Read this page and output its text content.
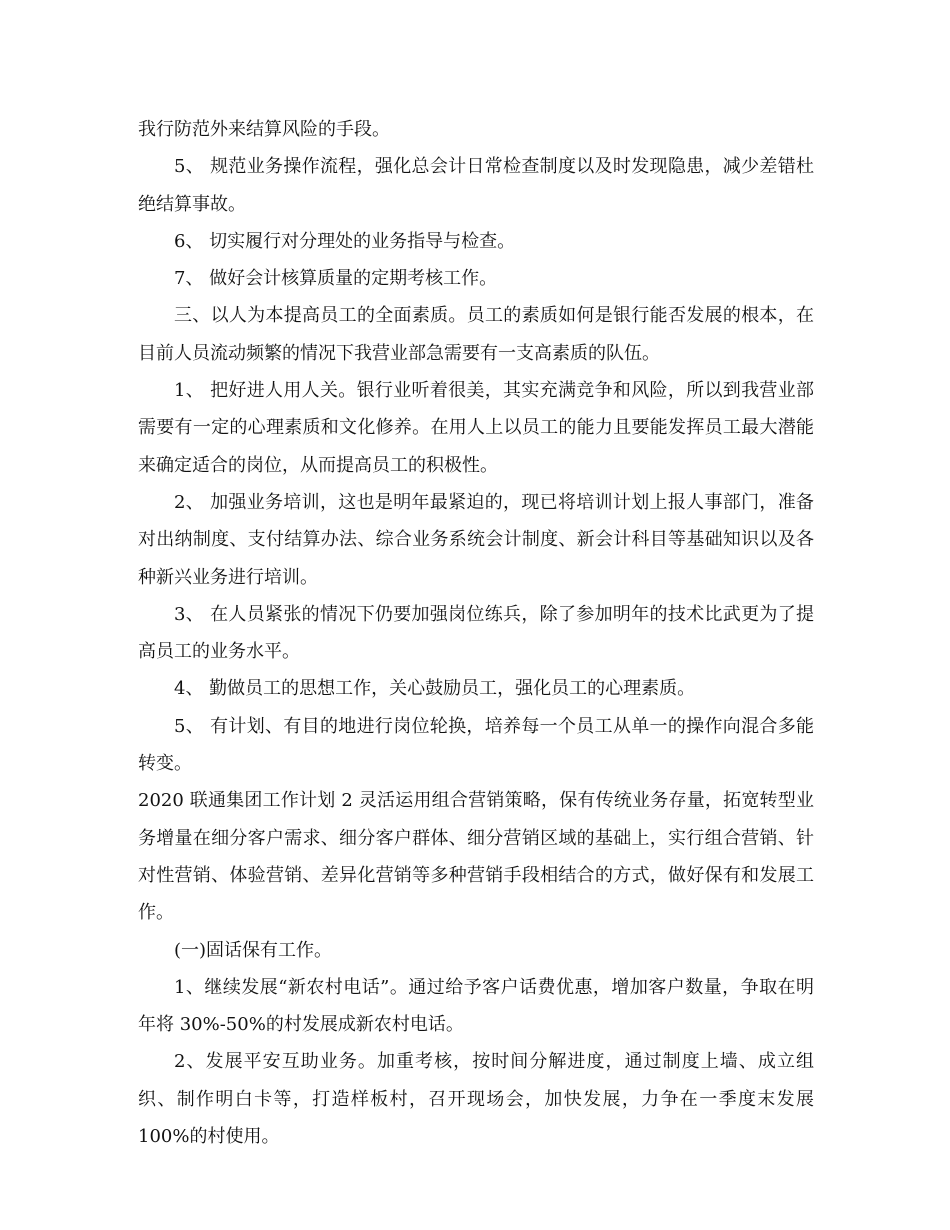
我行防范外来结算风险的手段。

5、 规范业务操作流程，强化总会计日常检查制度以及时发现隐患，减少差错杜绝结算事故。

6、 切实履行对分理处的业务指导与检查。

7、 做好会计核算质量的定期考核工作。

三、以人为本提高员工的全面素质。员工的素质如何是银行能否发展的根本，在目前人员流动频繁的情况下我营业部急需要有一支高素质的队伍。

1、 把好进人用人关。银行业听着很美，其实充满竞争和风险，所以到我营业部需要有一定的心理素质和文化修养。在用人上以员工的能力且要能发挥员工最大潜能来确定适合的岗位，从而提高员工的积极性。

2、 加强业务培训，这也是明年最紧迫的，现已将培训计划上报人事部门，准备对出纳制度、支付结算办法、综合业务系统会计制度、新会计科目等基础知识以及各种新兴业务进行培训。

3、 在人员紧张的情况下仍要加强岗位练兵，除了参加明年的技术比武更为了提高员工的业务水平。

4、 勤做员工的思想工作，关心鼓励员工，强化员工的心理素质。

5、 有计划、有目的地进行岗位轮换，培养每一个员工从单一的操作向混合多能转变。

2020 联通集团工作计划 2 灵活运用组合营销策略，保有传统业务存量，拓宽转型业务增量在细分客户需求、细分客户群体、细分营销区域的基础上，实行组合营销、针对性营销、体验营销、差异化营销等多种营销手段相结合的方式，做好保有和发展工作。

(一)固话保有工作。

1、继续发展“新农村电话”。通过给予客户话费优惠，增加客户数量，争取在明年将 30%-50%的村发展成新农村电话。

2、发展平安互助业务。加重考核，按时间分解进度，通过制度上墙、成立组织、制作明白卡等，打造样板村，召开现场会，加快发展，力争在一季度末发展100%的村使用。
